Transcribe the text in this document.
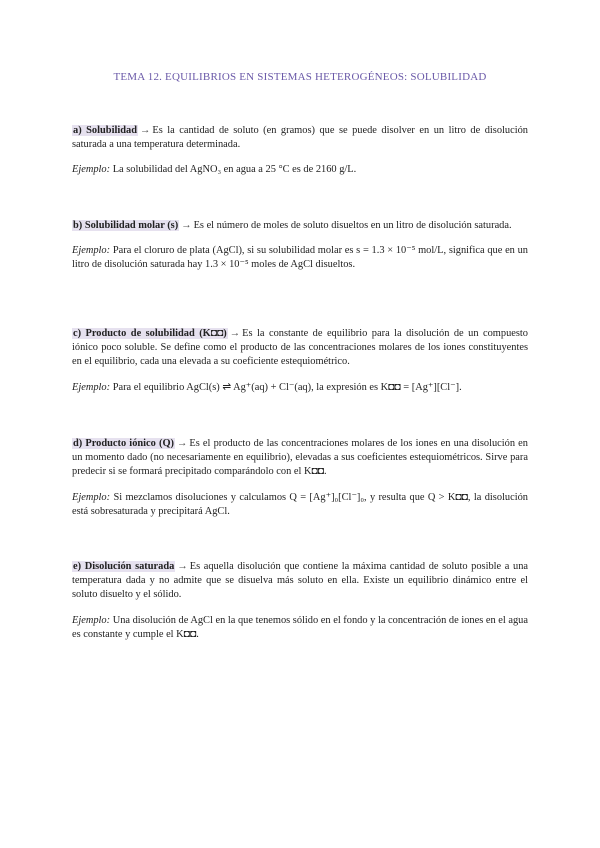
TEMA 12. EQUILIBRIOS EN SISTEMAS HETEROGÉNEOS: SOLUBILIDAD

a) Solubilidad → Es la cantidad de soluto (en gramos) que se puede disolver en un litro de disolución saturada a una temperatura determinada.

Ejemplo: La solubilidad del AgNO₃ en agua a 25 °C es de 2160 g/L.

b) Solubilidad molar (s) → Es el número de moles de soluto disueltos en un litro de disolución saturada.

Ejemplo: Para el cloruro de plata (AgCl), si su solubilidad molar es s = 1.3 × 10⁻⁵ mol/L, significa que en un litro de disolución saturada hay 1.3 × 10⁻⁵ moles de AgCl disueltos.

c) Producto de solubilidad (K◘◘) → Es la constante de equilibrio para la disolución de un compuesto iónico poco soluble. Se define como el producto de las concentraciones molares de los iones constituyentes en el equilibrio, cada una elevada a su coeficiente estequiométrico.

Ejemplo: Para el equilibrio AgCl(s) ⇌ Ag⁺(aq) + Cl⁻(aq), la expresión es K◘◘ = [Ag⁺][Cl⁻].

d) Producto iónico (Q) → Es el producto de las concentraciones molares de los iones en una disolución en un momento dado (no necesariamente en equilibrio), elevadas a sus coeficientes estequiométricos. Sirve para predecir si se formará precipitado comparándolo con el K◘◘.

Ejemplo: Si mezclamos disoluciones y calculamos Q = [Ag⁺]₀[Cl⁻]₀, y resulta que Q > K◘◘, la disolución está sobresaturada y precipitará AgCl.

e) Disolución saturada → Es aquella disolución que contiene la máxima cantidad de soluto posible a una temperatura dada y no admite que se disuelva más soluto en ella. Existe un equilibrio dinámico entre el soluto disuelto y el sólido.

Ejemplo: Una disolución de AgCl en la que tenemos sólido en el fondo y la concentración de iones en el agua es constante y cumple el K◘◘.
